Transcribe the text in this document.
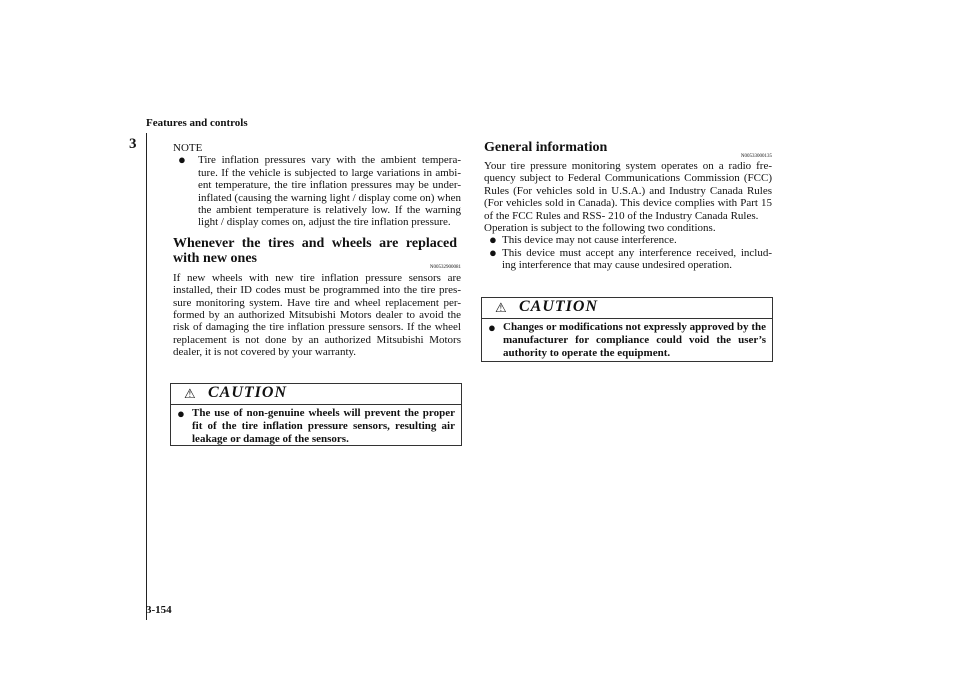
Features and controls
3
3-154

NOTE

● Tire inflation pressures vary with the ambient tempera- ture. If the vehicle is subjected to large variations in ambi- ent temperature, the tire inflation pressures may be under- inflated (causing the warning light / display come on) when the ambient temperature is relatively low. If the warning light / display comes on, adjust the tire inflation pressure.

Whenever the tires and wheels are replaced with new ones

N00532900081

If new wheels with new tire inflation pressure sensors are installed, their ID codes must be programmed into the tire pres- sure monitoring system. Have tire and wheel replacement per- formed by an authorized Mitsubishi Motors dealer to avoid the risk of damaging the tire inflation pressure sensors. If the wheel replacement is not done by an authorized Mitsubishi Motors dealer, it is not covered by your warranty.

⚠ CAUTION

● The use of non-genuine wheels will prevent the proper fit of the tire inflation pressure sensors, resulting air leakage or damage of the sensors.

General information

N00533000135

Your tire pressure monitoring system operates on a radio fre- quency subject to Federal Communications Commission (FCC) Rules (For vehicles sold in U.S.A.) and Industry Canada Rules (For vehicles sold in Canada). This device complies with Part 15 of the FCC Rules and RSS- 210 of the Industry Canada Rules.

Operation is subject to the following two conditions.

● This device may not cause interference.

● This device must accept any interference received, includ- ing interference that may cause undesired operation.

⚠ CAUTION

● Changes or modifications not expressly approved by the manufacturer for compliance could void the user’s authority to operate the equipment.
